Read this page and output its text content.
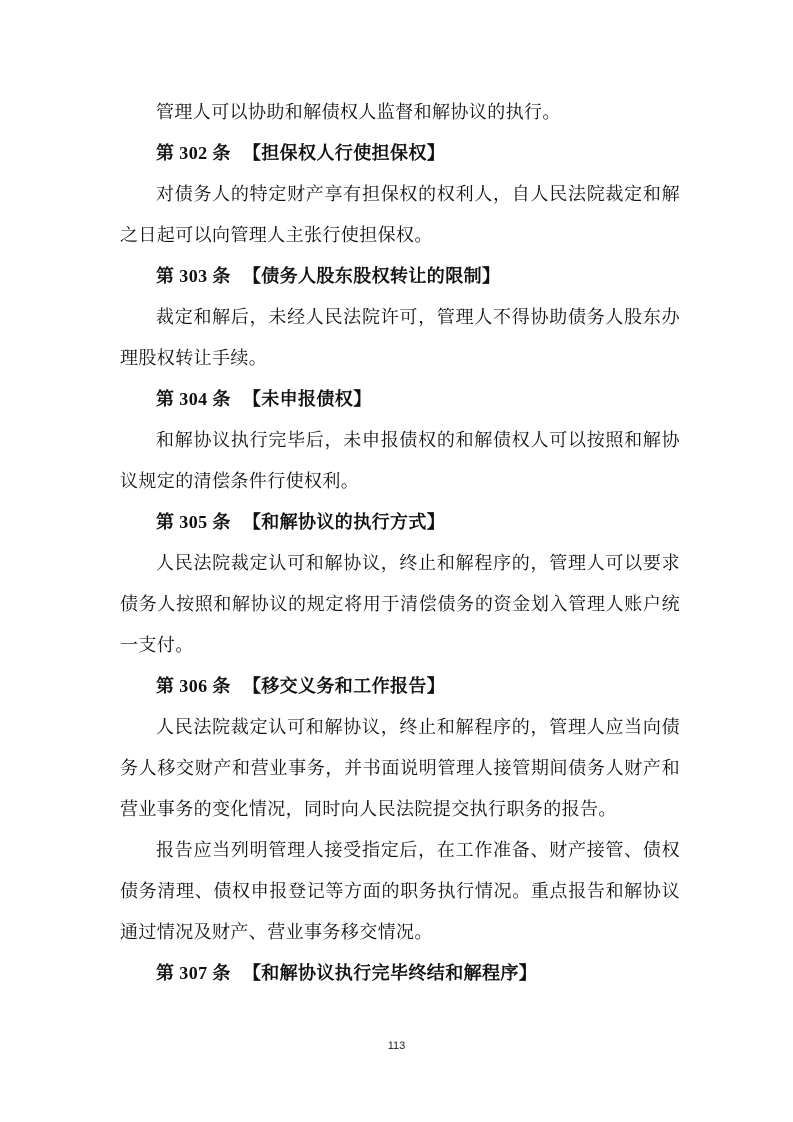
管理人可以协助和解债权人监督和解协议的执行。

第 302 条 【担保权人行使担保权】

对债务人的特定财产享有担保权的权利人，自人民法院裁定和解之日起可以向管理人主张行使担保权。

第 303 条 【债务人股东股权转让的限制】

裁定和解后，未经人民法院许可，管理人不得协助债务人股东办理股权转让手续。

第 304 条 【未申报债权】

和解协议执行完毕后，未申报债权的和解债权人可以按照和解协议规定的清偿条件行使权利。

第 305 条 【和解协议的执行方式】

人民法院裁定认可和解协议，终止和解程序的，管理人可以要求债务人按照和解协议的规定将用于清偿债务的资金划入管理人账户统一支付。

第 306 条 【移交义务和工作报告】

人民法院裁定认可和解协议，终止和解程序的，管理人应当向债务人移交财产和营业事务，并书面说明管理人接管期间债务人财产和营业事务的变化情况，同时向人民法院提交执行职务的报告。

报告应当列明管理人接受指定后，在工作准备、财产接管、债权债务清理、债权申报登记等方面的职务执行情况。重点报告和解协议通过情况及财产、营业事务移交情况。

第 307 条 【和解协议执行完毕终结和解程序】

113
